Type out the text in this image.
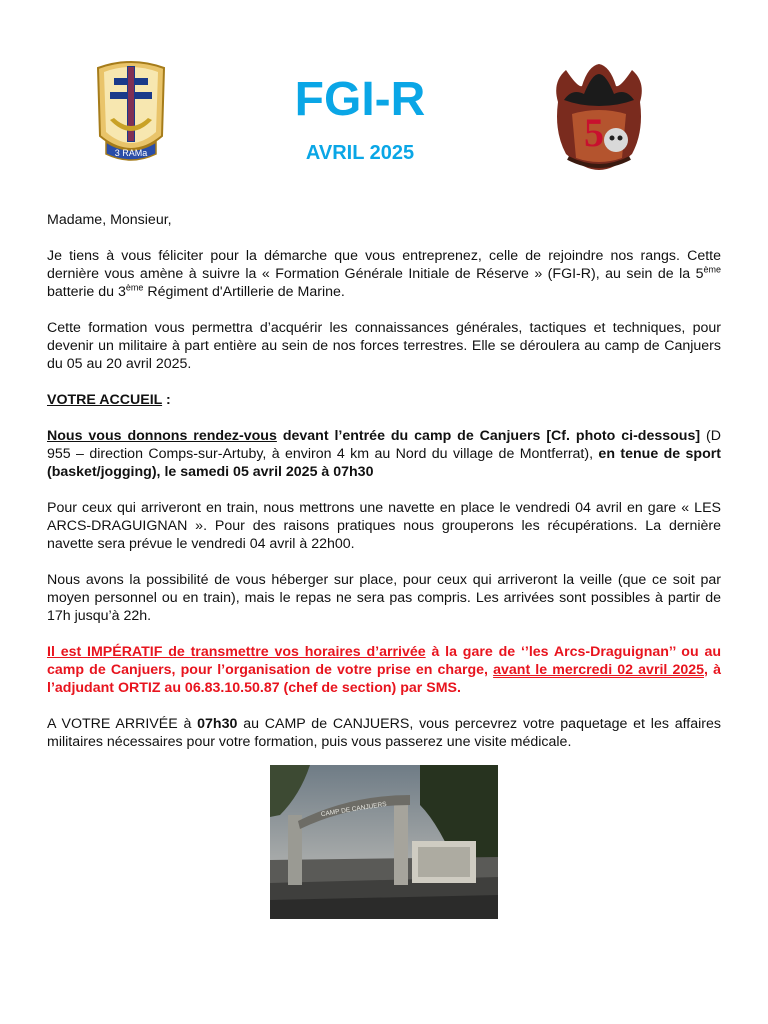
3 RAMa
FGI-R
AVRIL 2025	5

Madame, Monsieur,

Je tiens à vous féliciter pour la démarche que vous entreprenez, celle de rejoindre nos rangs. Cette dernière vous amène à suivre la « Formation Générale Initiale de Réserve » (FGI-R), au sein de la 5ème batterie du 3ème Régiment d'Artillerie de Marine.

Cette formation vous permettra d’acquérir les connaissances générales, tactiques et techniques, pour devenir un militaire à part entière au sein de nos forces terrestres. Elle se déroulera au camp de Canjuers du 05 au 20 avril 2025.

VOTRE ACCUEIL :

Nous vous donnons rendez-vous devant l’entrée du camp de Canjuers [Cf. photo ci-dessous] (D 955 – direction Comps-sur-Artuby, à environ 4 km au Nord du village de Montferrat), en tenue de sport (basket/jogging), le samedi 05 avril 2025 à 07h30

Pour ceux qui arriveront en train, nous mettrons une navette en place le vendredi 04 avril en gare « LES ARCS-DRAGUIGNAN ». Pour des raisons pratiques nous grouperons les récupérations. La dernière navette sera prévue le vendredi 04 avril à 22h00.

Nous avons la possibilité de vous héberger sur place, pour ceux qui arriveront la veille (que ce soit par moyen personnel ou en train), mais le repas ne sera pas compris. Les arrivées sont possibles à partir de 17h jusqu’à 22h.

Il est IMPÉRATIF de transmettre vos horaires d’arrivée à la gare de ‘’les Arcs-Draguignan’’ ou au camp de Canjuers, pour l’organisation de votre prise en charge, avant le mercredi 02 avril 2025, à l’adjudant ORTIZ au 06.83.10.50.87 (chef de section) par SMS.

A VOTRE ARRIVÉE à 07h30 au CAMP de CANJUERS, vous percevrez votre paquetage et les affaires militaires nécessaires pour votre formation, puis vous passerez une visite médicale.

CAMP DE CANJUERS
